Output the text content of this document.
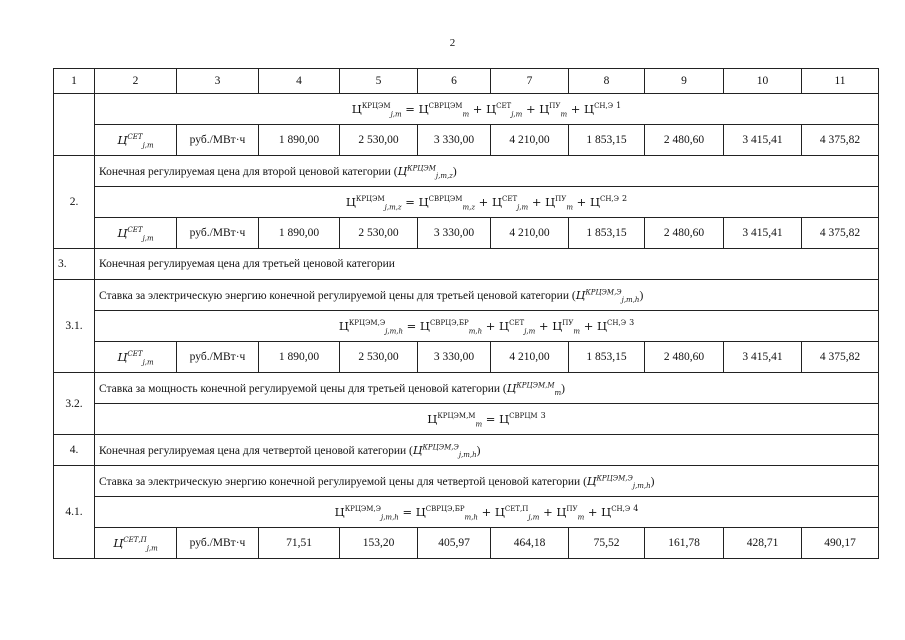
2
1	2	3	4	5	6	7	8	9	10	11
	$Ц^{КРЦЭМ}_{j,m} = Ц^{СВРЦЭМ}_m + Ц^{СЕТ}_{j,m} + Ц^{ПУ}_m + Ц^{СН,Э}$ $^1$
	$Ц^{СЕТ}_{j,m}$	руб./МВт·ч	1 890,00	2 530,00	3 330,00	4 210,00	1 853,15	2 480,60	3 415,41	4 375,82
2.	Конечная регулируемая цена для второй ценовой категории $(Ц^{КРЦЭМ}_{j,m,z})$									
	$Ц^{КРЦЭМ}_{j,m,z} = Ц^{СВРЦЭМ}_{m,z} + Ц^{СЕТ}_{j,m} + Ц^{ПУ}_m + Ц^{СН,Э}$ $^2$
	$Ц^{СЕТ}_{j,m}$	руб./МВт·ч	1 890,00	2 530,00	3 330,00	4 210,00	1 853,15	2 480,60	3 415,41	4 375,82
3.	Конечная регулируемая цена для третьей ценовой категории									
3.1.	Ставка за электрическую энергию конечной регулируемой цены для третьей ценовой категории $(Ц^{КРЦЭМ,Э}_{j,m,h})$									
	$Ц^{КРЦЭМ,Э}_{j,m,h} = Ц^{СВРЦЭ,БР}_{m,h} + Ц^{СЕТ}_{j,m} + Ц^{ПУ}_m + Ц^{СН,Э}$ $^3$
	$Ц^{СЕТ}_{j,m}$	руб./МВт·ч	1 890,00	2 530,00	3 330,00	4 210,00	1 853,15	2 480,60	3 415,41	4 375,82
3.2.	Ставка за мощность конечной регулируемой цены для третьей ценовой категории $(Ц^{КРЦЭМ,М}_m)$									
	$Ц^{КРЦЭМ,М}_m = Ц^{СВРЦМ}$ $^3$
4.	Конечная регулируемая цена для четвертой ценовой категории $(Ц^{КРЦЭМ,Э}_{j,m,h})$									
4.1.	Ставка за электрическую энергию конечной регулируемой цены для четвертой ценовой категории $(Ц^{КРЦЭМ,Э}_{j,m,h})$									
	$Ц^{КРЦЭМ,Э}_{j,m,h} = Ц^{СВРЦЭ,БР}_{m,h} + Ц^{СЕТ,П}_{j,m} + Ц^{ПУ}_m + Ц^{СН,Э}$ $^4$
	$Ц^{СЕТ,П}_{j,m}$	руб./МВт·ч	71,51	153,20	405,97	464,18	75,52	161,78	428,71	490,17
